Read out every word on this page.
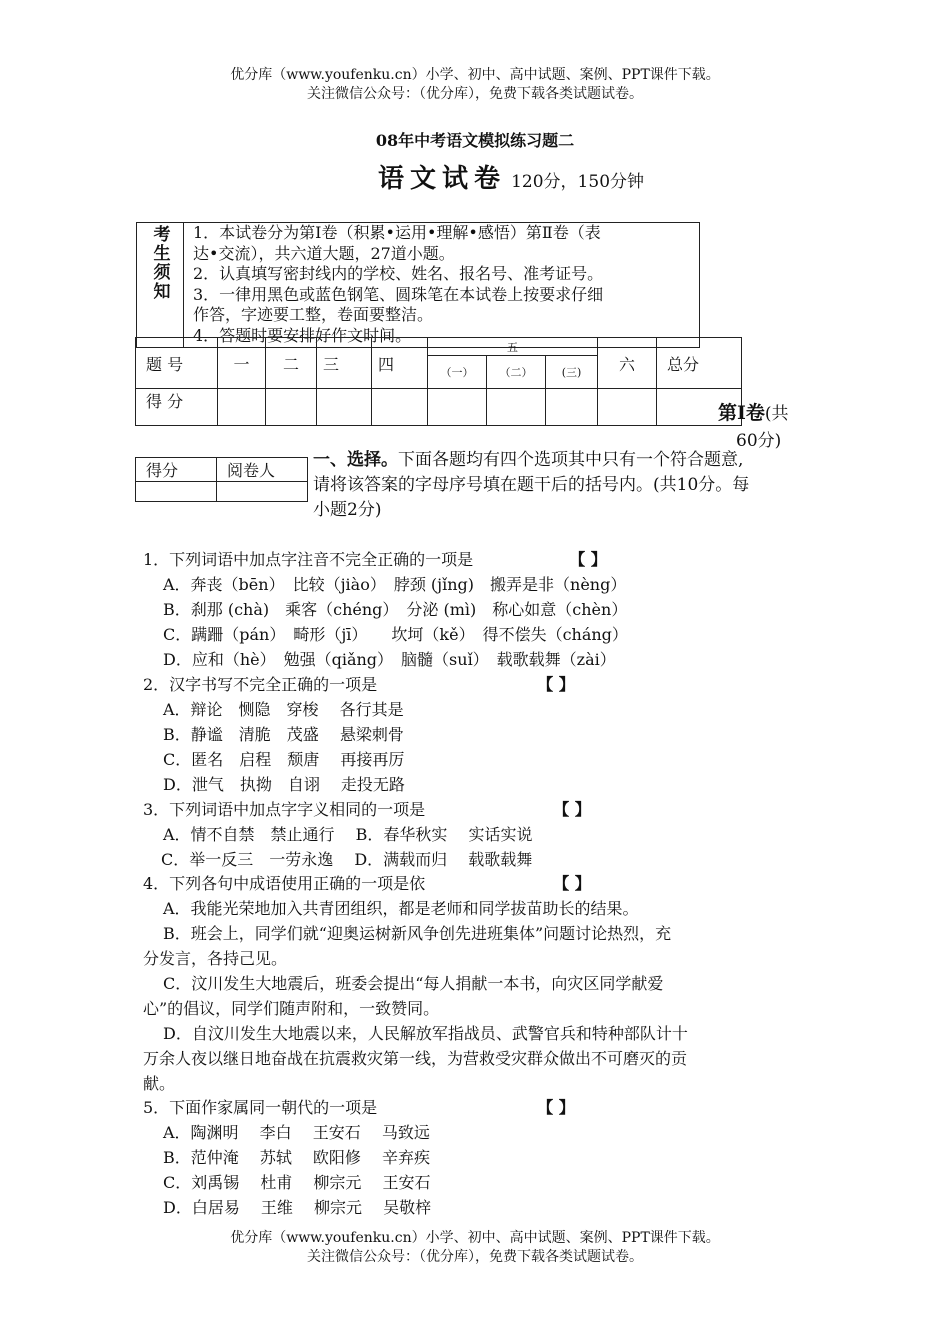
优分库（www.youfenku.cn）小学、初中、高中试题、案例、PPT课件下载。
关注微信公众号：（优分库），免费下载各类试题试卷。
08年中考语文模拟练习题二
语文试卷 120分，150分钟
考生须知 1．本试卷分为第Ⅰ卷（积累•运用•理解•感悟）第Ⅱ卷（表
达•交流），共六道大题，27道小题。
2．认真填写密封线内的学校、姓名、报名号、准考证号。
3．一律用黑色或蓝色钢笔、圆珠笔在本试卷上按要求仔细
作答，字迹要工整，卷面要整洁。
4．答题时要安排好作文时间。
题 号	一	二	三	四	五			六	总分
					（一）	（二）	(三)		
得 分									
第Ⅰ卷(共
60分)
得分	阅卷人

一、选择。下面各题均有四个选项其中只有一个符合题意,
请将该答案的字母序号填在题干后的括号内。(共10分。每
小题2分)
1．下列词语中加点字注音不完全正确的一项是	【 】
A．奔丧（bēn）　比较（jiào）　脖颈 (jǐng)　搬弄是非（nèng）
B．刹那 (chà)　乘客（chéng）　分泌 (mì)　称心如意（chèn）
C．蹒跚（pán）　畸形（jī）　　坎坷（kě）　得不偿失（cháng）
D．应和（hè）　勉强（qiǎng）　脑髓（suǐ）　载歌载舞（zài）
2．汉字书写不完全正确的一项是	【 】
A．辩论　恻隐　穿梭　 各行其是
B．静谧　清脆　茂盛　 悬梁刺骨
C．匿名　启程　颓唐　 再接再厉
D．泄气　执拗　自诩　 走投无路
3．下列词语中加点字字义相同的一项是	【 】
A．情不自禁　禁止通行　 B．春华秋实　 实话实说
C．举一反三　一劳永逸　 D．满载而归　 载歌载舞
4．下列各句中成语使用正确的一项是依	【 】
A．我能光荣地加入共青团组织，都是老师和同学拔苗助长的结果。
B．班会上，同学们就“迎奥运树新风争创先进班集体”问题讨论热烈，充
分发言，各持己见。
C．汶川发生大地震后，班委会提出“每人捐献一本书，向灾区同学献爱
心”的倡议，同学们随声附和，一致赞同。
D．自汶川发生大地震以来，人民解放军指战员、武警官兵和特种部队计十
万余人夜以继日地奋战在抗震救灾第一线，为营救受灾群众做出不可磨灭的贡
献。
5．下面作家属同一朝代的一项是	【 】
A．陶渊明　 李白　 王安石　 马致远
B．范仲淹　 苏轼　 欧阳修　 辛弃疾
C．刘禹锡　 杜甫　 柳宗元　 王安石
D．白居易　 王维　 柳宗元　 吴敬梓
优分库（www.youfenku.cn）小学、初中、高中试题、案例、PPT课件下载。
关注微信公众号：（优分库），免费下载各类试题试卷。
